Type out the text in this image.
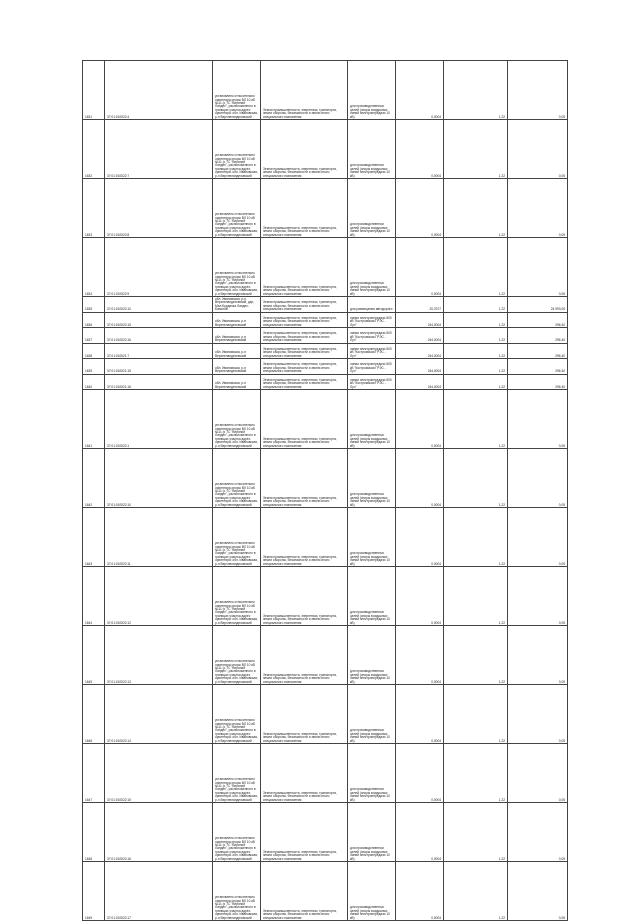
1631	37:01:010522:4	установлено относительно ориентира опоры ВЛ 10 кВ №11 (с ТС "Верхний Ландех", расположенного в границах участка адрес ориентира: обл. Ивановская, р-н Верхнеландеховский	Земли промышленности, энергетики, транспорта, земли обороны, безопасности и земли иного специального назначения	для производственных целей (опоры воздушных линий электропередачи 10 кВ)	0,0004	1,22	0,05
1632	37:01:010522:7	установлено относительно ориентира опоры ВЛ 10 кВ №11 (с ТС "Верхний Ландех", расположенного в границах участка адрес ориентира: обл. Ивановская, р-н Верхнеландеховский	Земли промышленности, энергетики, транспорта, земли обороны, безопасности и земли иного специального назначения	для производственных целей (опоры воздушных линий электропередачи 10 кВ)	0,0004	1,22	0,05
1633	37:01:010522:8	установлено относительно ориентира опоры ВЛ 10 кВ №11 (с ТС "Верхний Ландех", расположенного в границах участка адрес ориентира: обл. Ивановская, р-н Верхнеландеховский	Земли промышленности, энергетики, транспорта, земли обороны, безопасности и земли иного специального назначения	для производственных целей (опоры воздушных линий электропередачи 10 кВ)	0,0004	1,22	0,05
1634	37:01:010522:9	установлено относительно ориентира опоры ВЛ 10 кВ №11 (с ТС "Верхний Ландех", расположенного в границах участка адрес ориентира: обл. Ивановская, р-н Верхнеландеховский	Земли промышленности, энергетики, транспорта, земли обороны, безопасности и земли иного специального назначения	для производственных целей (опоры воздушных линий электропередачи 10 кВ)	0,0004	1,22	0,05
1635	37:01:010522:10	обл. Ивановская, р-н Верхнеландеховский, дер. Мал.Бурдинка Ландех-Бахилов	Земли промышленности, энергетики, транспорта, земли обороны, безопасности и земли иного специального назначения	для размещения автодороги	20,3707	1,22	24 993,05
1636	37:01:010522:15	обл. Ивановская, р-н Верхнеландеховский	Земли промышленности, энергетики, транспорта, земли обороны, безопасности и земли иного специального назначения	линии электропередачи 500 кВ "Костромская ГРЭС - Луч"	244,0004	1,22	296,40
1637	37:01:010522:16	обл. Ивановская, р-н Верхнеландеховский	Земли промышленности, энергетики, транспорта, земли обороны, безопасности и земли иного специального назначения	линии электропередачи 500 кВ "Костромская ГРЭС - Луч"	244,0004	1,22	296,40
1638	37:01:010521:7	обл. Ивановская, р-н Верхнеландеховский	Земли промышленности, энергетики, транспорта, земли обороны, безопасности и земли иного специального назначения	линии электропередачи 500 кВ "Костромская ГРЭС - Луч"	244,0004	1,22	296,40
1639	37:01:010521:15	обл. Ивановская, р-н Верхнеландеховский	Земли промышленности, энергетики, транспорта, земли обороны, безопасности и земли иного специального назначения	линии электропередачи 500 кВ "Костромская ГРЭС - Луч"	244,0004	1,22	296,40
1640	37:01:010521:16	обл. Ивановская, р-н Верхнеландеховский	Земли промышленности, энергетики, транспорта, земли обороны, безопасности и земли иного специального назначения	линии электропередачи 500 кВ "Костромская ГРЭС - Луч"	244,0004	1,22	296,40
1641	37:01:010522:1	установлено относительно ориентира опоры ВЛ 10 кВ №11 (с ТС "Верхний Ландех", расположенного в границах участка адрес ориентира: обл. Ивановская, р-н Верхнеландеховский	Земли промышленности, энергетики, транспорта, земли обороны, безопасности и земли иного специального назначения	для производственных целей (опоры воздушных линий электропередачи 10 кВ)	0,0004	1,22	0,05
1642	37:01:010522:10	установлено относительно ориентира опоры ВЛ 10 кВ №11 (с ТС "Верхний Ландех", расположенного в границах участка адрес ориентира: обл. Ивановская, р-н Верхнеландеховский	Земли промышленности, энергетики, транспорта, земли обороны, безопасности и земли иного специального назначения	для производственных целей (опоры воздушных линий электропередачи 10 кВ)	0,0004	1,22	0,05
1643	37:01:010522:11	установлено относительно ориентира опоры ВЛ 10 кВ №11 (с ТС "Верхний Ландех", расположенного в границах участка адрес ориентира: обл. Ивановская, р-н Верхнеландеховский	Земли промышленности, энергетики, транспорта, земли обороны, безопасности и земли иного специального назначения	для производственных целей (опоры воздушных линий электропередачи 10 кВ)	0,0004	1,22	0,05
1644	37:01:010522:12	установлено относительно ориентира опоры ВЛ 10 кВ №11 (с ТС "Верхний Ландех", расположенного в границах участка адрес ориентира: обл. Ивановская, р-н Верхнеландеховский	Земли промышленности, энергетики, транспорта, земли обороны, безопасности и земли иного специального назначения	для производственных целей (опоры воздушных линий электропередачи 10 кВ)	0,0004	1,22	0,05
1645	37:01:010522:13	установлено относительно ориентира опоры ВЛ 10 кВ №11 (с ТС "Верхний Ландех", расположенного в границах участка адрес ориентира: обл. Ивановская, р-н Верхнеландеховский	Земли промышленности, энергетики, транспорта, земли обороны, безопасности и земли иного специального назначения	для производственных целей (опоры воздушных линий электропередачи 10 кВ)	0,0004	1,22	0,05
1646	37:01:010522:14	установлено относительно ориентира опоры ВЛ 10 кВ №11 (с ТС "Верхний Ландех", расположенного в границах участка адрес ориентира: обл. Ивановская, р-н Верхнеландеховский	Земли промышленности, энергетики, транспорта, земли обороны, безопасности и земли иного специального назначения	для производственных целей (опоры воздушных линий электропередачи 10 кВ)	0,0004	1,22	0,05
1647	37:01:010522:15	установлено относительно ориентира опоры ВЛ 10 кВ №11 (с ТС "Верхний Ландех", расположенного в границах участка адрес ориентира: обл. Ивановская, р-н Верхнеландеховский	Земли промышленности, энергетики, транспорта, земли обороны, безопасности и земли иного специального назначения	для производственных целей (опоры воздушных линий электропередачи 10 кВ)	0,0004	1,22	0,05
1648	37:01:010522:16	установлено относительно ориентира опоры ВЛ 10 кВ №11 (с ТС "Верхний Ландех", расположенного в границах участка адрес ориентира: обл. Ивановская, р-н Верхнеландеховский	Земли промышленности, энергетики, транспорта, земли обороны, безопасности и земли иного специального назначения	для производственных целей (опоры воздушных линий электропередачи 10 кВ)	0,0004	1,22	0,05
1649	37:01:010522:17	установлено относительно ориентира опоры ВЛ 10 кВ №11 (с ТС "Верхний Ландех", расположенного в границах участка адрес ориентира: обл. Ивановская, р-н Верхнеландеховский	Земли промышленности, энергетики, транспорта, земли обороны, безопасности и земли иного специального назначения	для производственных целей (опоры воздушных линий электропередачи 10 кВ)	0,0004	1,22	0,05
